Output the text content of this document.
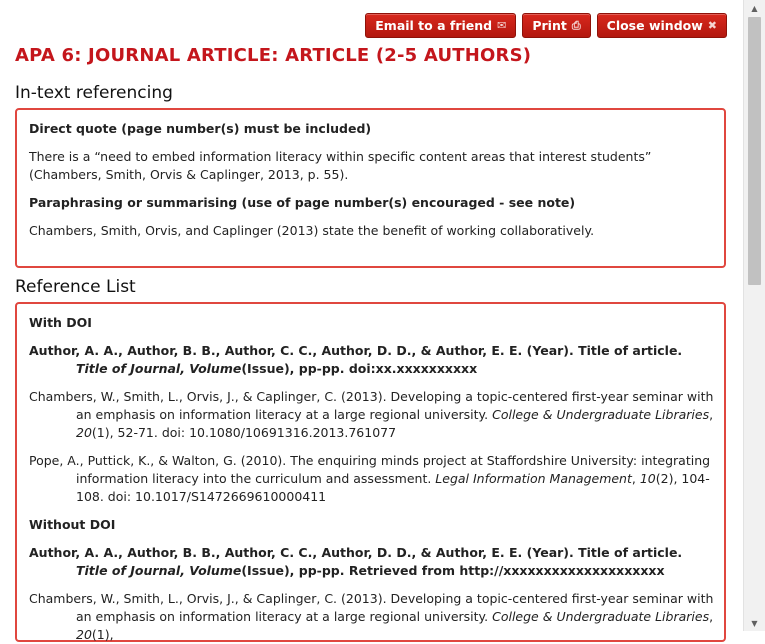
Email to a friend ✉ Print ⎙ Close window ✖
APA 6: JOURNAL ARTICLE: ARTICLE (2-5 AUTHORS)
In-text referencing

Direct quote (page number(s) must be included)

There is a “need to embed information literacy within specific content areas that interest students” (Chambers, Smith, Orvis & Caplinger, 2013, p. 55).

Paraphrasing or summarising (use of page number(s) encouraged - see note)

Chambers, Smith, Orvis, and Caplinger (2013) state the benefit of working collaboratively.

Reference List

With DOI

Author, A. A., Author, B. B., Author, C. C., Author, D. D., & Author, E. E. (Year). Title of article. Title of Journal, Volume(Issue), pp-pp. doi:xx.xxxxxxxxxx

Chambers, W., Smith, L., Orvis, J., & Caplinger, C. (2013). Developing a topic-centered first-year seminar with an emphasis on information literacy at a large regional university. College & Undergraduate Libraries, 20(1), 52-71. doi: 10.1080/10691316.2013.761077

Pope, A., Puttick, K., & Walton, G. (2010). The enquiring minds project at Staffordshire University: integrating information literacy into the curriculum and assessment. Legal Information Management, 10(2), 104-108. doi: 10.1017/S1472669610000411

Without DOI

Author, A. A., Author, B. B., Author, C. C., Author, D. D., & Author, E. E. (Year). Title of article. Title of Journal, Volume(Issue), pp-pp. Retrieved from http://xxxxxxxxxxxxxxxxxxxx

Chambers, W., Smith, L., Orvis, J., & Caplinger, C. (2013). Developing a topic-centered first-year seminar with an emphasis on information literacy at a large regional university. College & Undergraduate Libraries, 20(1),

▲
▼
